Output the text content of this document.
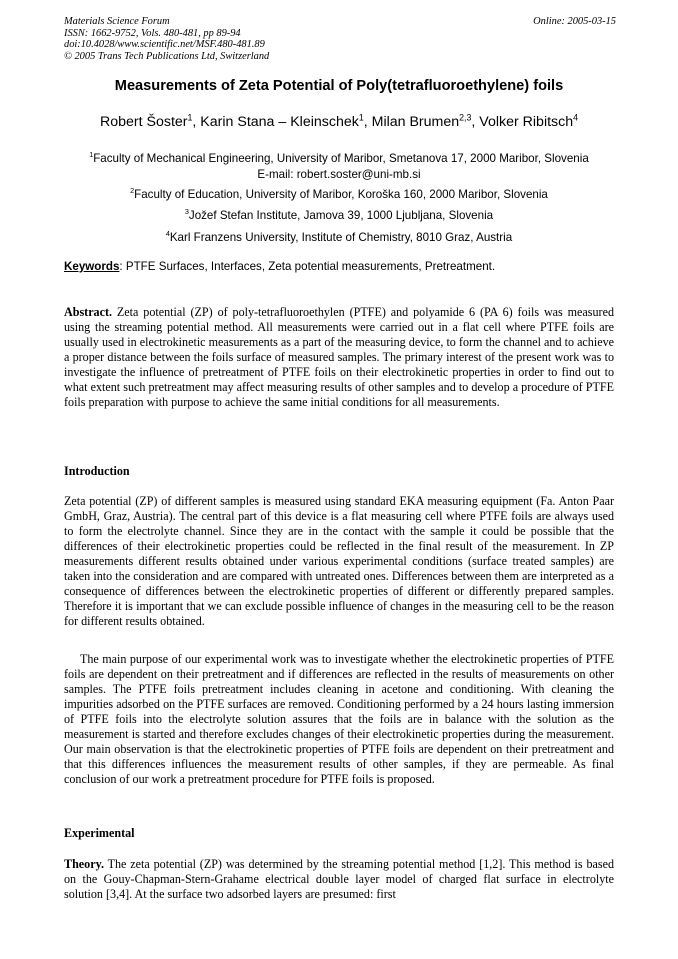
Materials Science Forum
ISSN: 1662-9752, Vols. 480-481, pp 89-94
doi:10.4028/www.scientific.net/MSF.480-481.89
© 2005 Trans Tech Publications Ltd, Switzerland
Online: 2005-03-15
Measurements of Zeta Potential of Poly(tetrafluoroethylene) foils
Robert Šoster$^1$, Karin Stana – Kleinschek$^1$, Milan Brumen$^{2,3}$, Volker Ribitsch$^4$
$^1$Faculty of Mechanical Engineering, University of Maribor, Smetanova 17, 2000 Maribor, Slovenia
E-mail: robert.soster@uni-mb.si
$^2$Faculty of Education, University of Maribor, Koroška 160, 2000 Maribor, Slovenia
$^3$Jožef Stefan Institute, Jamova 39, 1000 Ljubljana, Slovenia
$^4$Karl Franzens University, Institute of Chemistry, 8010 Graz, Austria
Keywords: PTFE Surfaces, Interfaces, Zeta potential measurements, Pretreatment.
Abstract. Zeta potential (ZP) of poly-tetrafluoroethylen (PTFE) and polyamide 6 (PA 6) foils was measured using the streaming potential method. All measurements were carried out in a flat cell where PTFE foils are usually used in electrokinetic measurements as a part of the measuring device, to form the channel and to achieve a proper distance between the foils surface of measured samples. The primary interest of the present work was to investigate the influence of pretreatment of PTFE foils on their electrokinetic properties in order to find out to what extent such pretreatment may affect measuring results of other samples and to develop a procedure of PTFE foils preparation with purpose to achieve the same initial conditions for all measurements.
Introduction
Zeta potential (ZP) of different samples is measured using standard EKA measuring equipment (Fa. Anton Paar GmbH, Graz, Austria). The central part of this device is a flat measuring cell where PTFE foils are always used to form the electrolyte channel. Since they are in the contact with the sample it could be possible that the differences of their electrokinetic properties could be reflected in the final result of the measurement. In ZP measurements different results obtained under various experimental conditions (surface treated samples) are taken into the consideration and are compared with untreated ones. Differences between them are interpreted as a consequence of differences between the electrokinetic properties of different or differently prepared samples. Therefore it is important that we can exclude possible influence of changes in the measuring cell to be the reason for different results obtained.
The main purpose of our experimental work was to investigate whether the electrokinetic properties of PTFE foils are dependent on their pretreatment and if differences are reflected in the results of measurements on other samples. The PTFE foils pretreatment includes cleaning in acetone and conditioning. With cleaning the impurities adsorbed on the PTFE surfaces are removed. Conditioning performed by a 24 hours lasting immersion of PTFE foils into the electrolyte solution assures that the foils are in balance with the solution as the measurement is started and therefore excludes changes of their electrokinetic properties during the measurement. Our main observation is that the electrokinetic properties of PTFE foils are dependent on their pretreatment and that this differences influences the measurement results of other samples, if they are permeable. As final conclusion of our work a pretreatment procedure for PTFE foils is proposed.
Experimental
Theory. The zeta potential (ZP) was determined by the streaming potential method [1,2]. This method is based on the Gouy-Chapman-Stern-Grahame electrical double layer model of charged flat surface in electrolyte solution [3,4]. At the surface two adsorbed layers are presumed: first
